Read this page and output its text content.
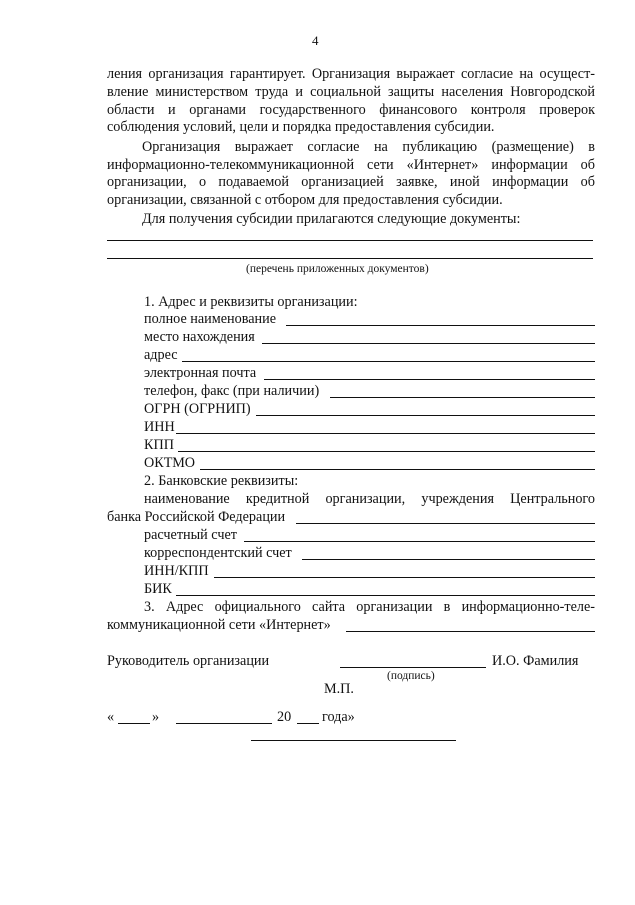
4
ления организация гарантирует. Организация выражает согласие на осущест-
вление министерством труда и социальной защиты населения Новгородской
области и органами государственного финансового контроля проверок
соблюдения условий, цели и порядка предоставления субсидии.
Организация выражает согласие на публикацию (размещение) в
информационно-телекоммуникационной сети «Интернет» информации об
организации, о подаваемой организацией заявке, иной информации об
организации, связанной с отбором для предоставления субсидии.
Для получения субсидии прилагаются следующие документы:
(перечень приложенных документов)
1. Адрес и реквизиты организации:
полное наименование
место нахождения
адрес
электронная почта
телефон, факс (при наличии)
ОГРН (ОГРНИП)
ИНН
КПП
ОКТМО
2. Банковские реквизиты:
наименование кредитной организации, учреждения Центрального
банка Российской Федерации
расчетный счет
корреспондентский счет
ИНН/КПП
БИК
3. Адрес официального сайта организации в информационно-теле-
коммуникационной сети «Интернет»
Руководитель организации	И.О. Фамилия
(подпись)
М.П.
«	»	20 года»
